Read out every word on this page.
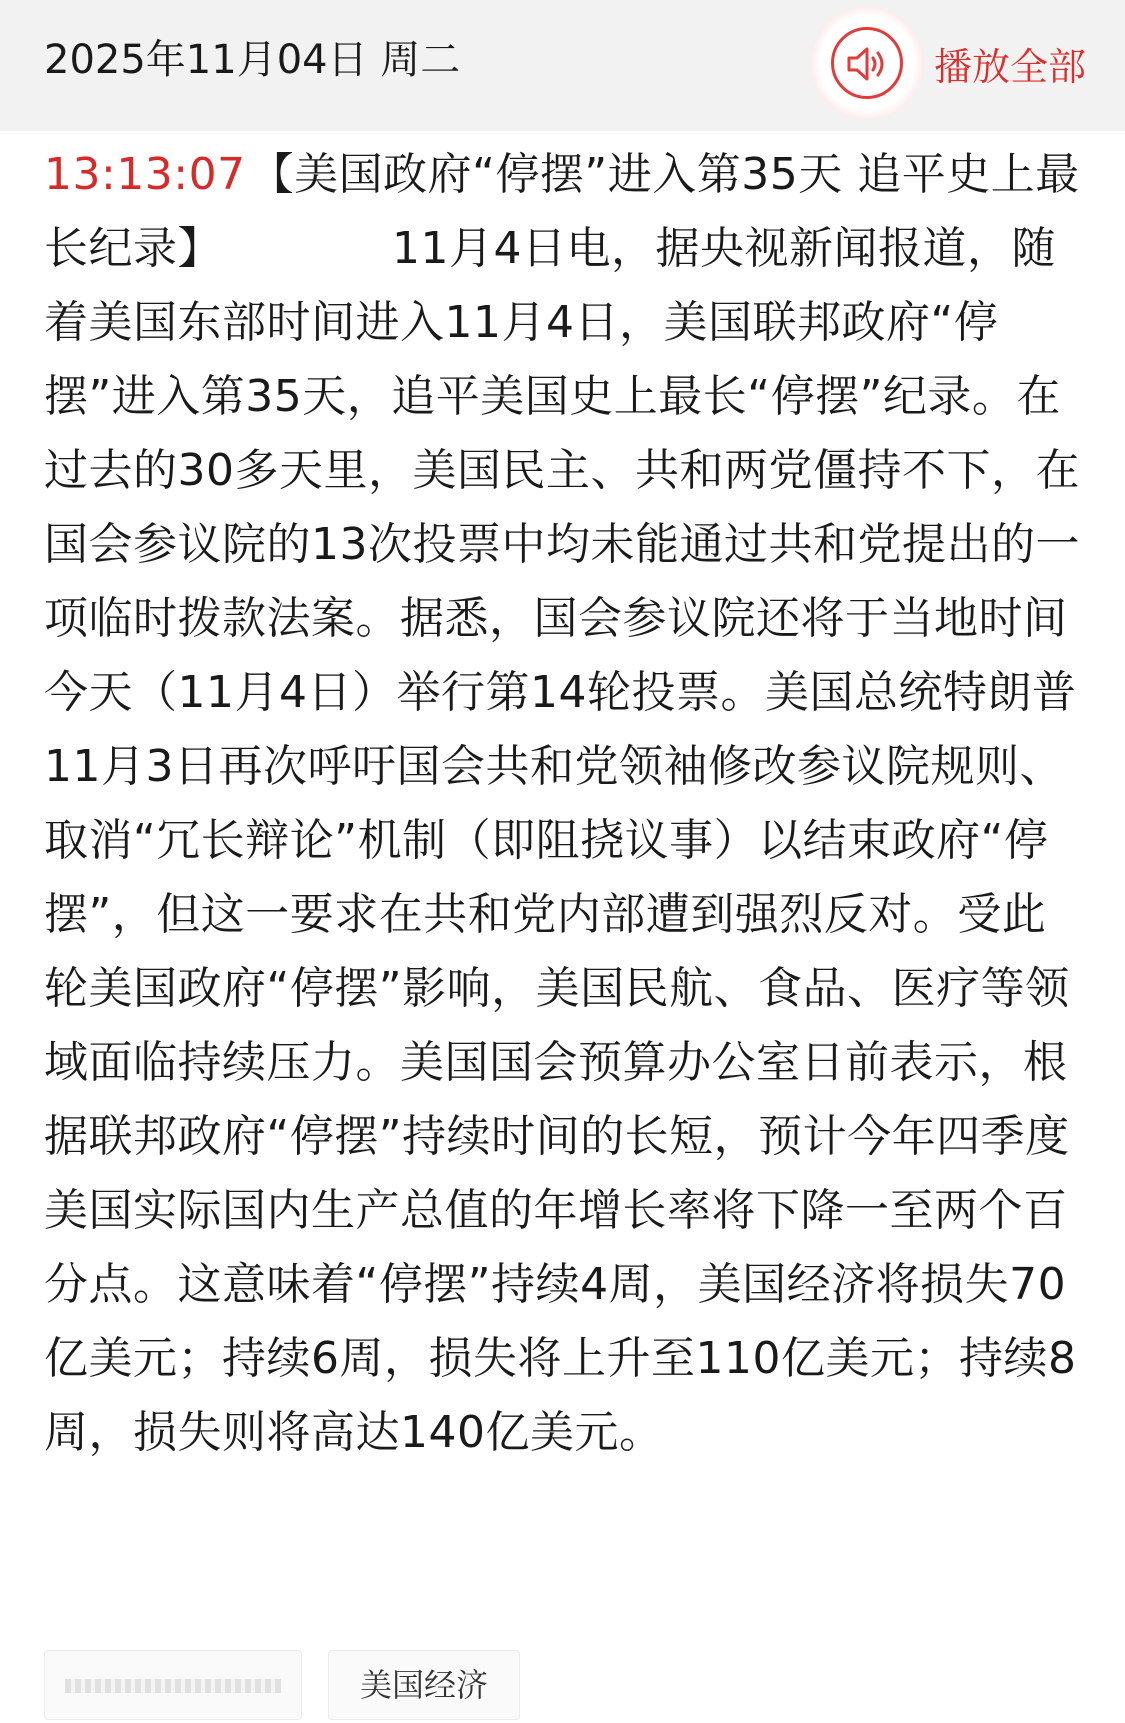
2025年11月04日 周二	播放全部
13:13:07【美国政府“停摆”进入第35天 追平史上最长纪录】	11月4日电，据央视新闻报道，随着美国东部时间进入11月4日，美国联邦政府“停摆”进入第35天，追平美国史上最长“停摆”纪录。在过去的30多天里，美国民主、共和两党僵持不下，在国会参议院的13次投票中均未能通过共和党提出的一项临时拨款法案。据悉，国会参议院还将于当地时间今天（11月4日）举行第14轮投票。美国总统特朗普11月3日再次呼吁国会共和党领袖修改参议院规则、取消“冗长辩论”机制（即阻挠议事）以结束政府“停摆”，但这一要求在共和党内部遭到强烈反对。受此轮美国政府“停摆”影响，美国民航、食品、医疗等领域面临持续压力。美国国会预算办公室日前表示，根据联邦政府“停摆”持续时间的长短，预计今年四季度美国实际国内生产总值的年增长率将下降一至两个百分点。这意味着“停摆”持续4周，美国经济将损失70亿美元；持续6周，损失将上升至110亿美元；持续8周，损失则将高达140亿美元。
美国经济
